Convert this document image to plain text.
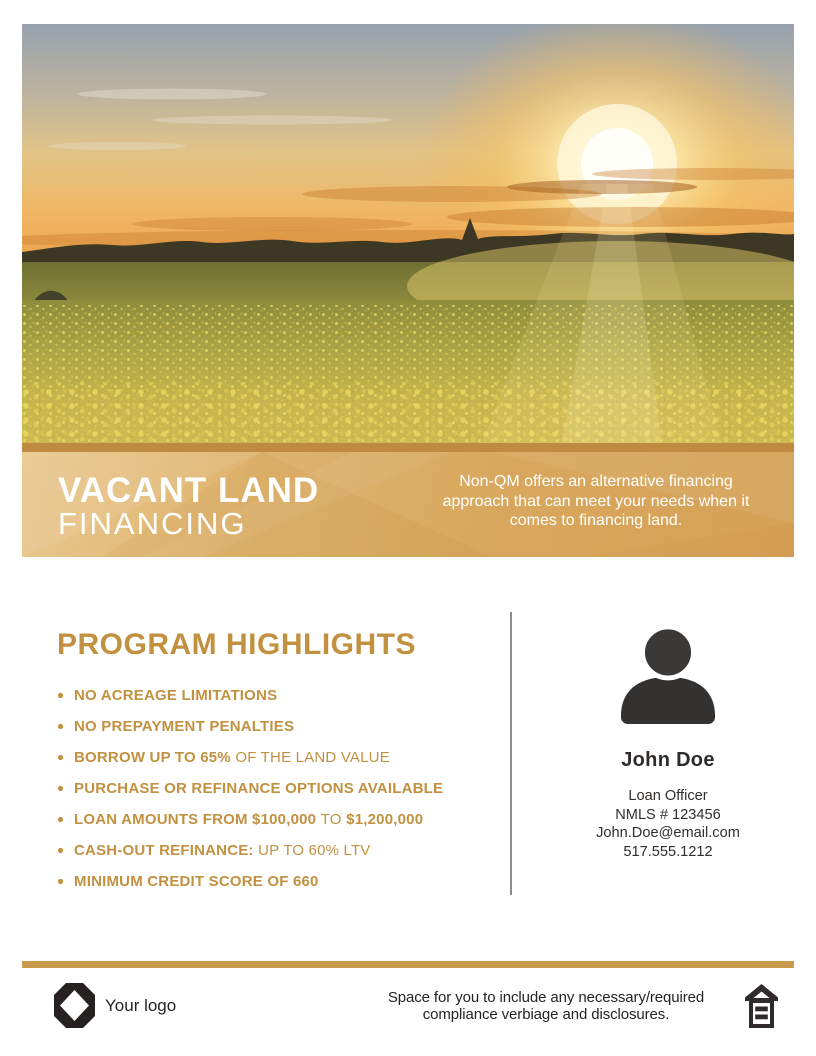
VACANT LAND
FINANCING
Non-QM offers an alternative financing approach that can meet your needs when it comes to financing land.
PROGRAM HIGHLIGHTS
NO ACREAGE LIMITATIONS
NO PREPAYMENT PENALTIES
BORROW UP TO 65% OF THE LAND VALUE
PURCHASE OR REFINANCE OPTIONS AVAILABLE
LOAN AMOUNTS FROM $100,000 TO $1,200,000
CASH-OUT REFINANCE: UP TO 60% LTV
MINIMUM CREDIT SCORE OF 660
John Doe
Loan Officer
NMLS # 123456
John.Doe@email.com
517.555.1212
Your logo	Space for you to include any necessary/required
compliance verbiage and disclosures.
